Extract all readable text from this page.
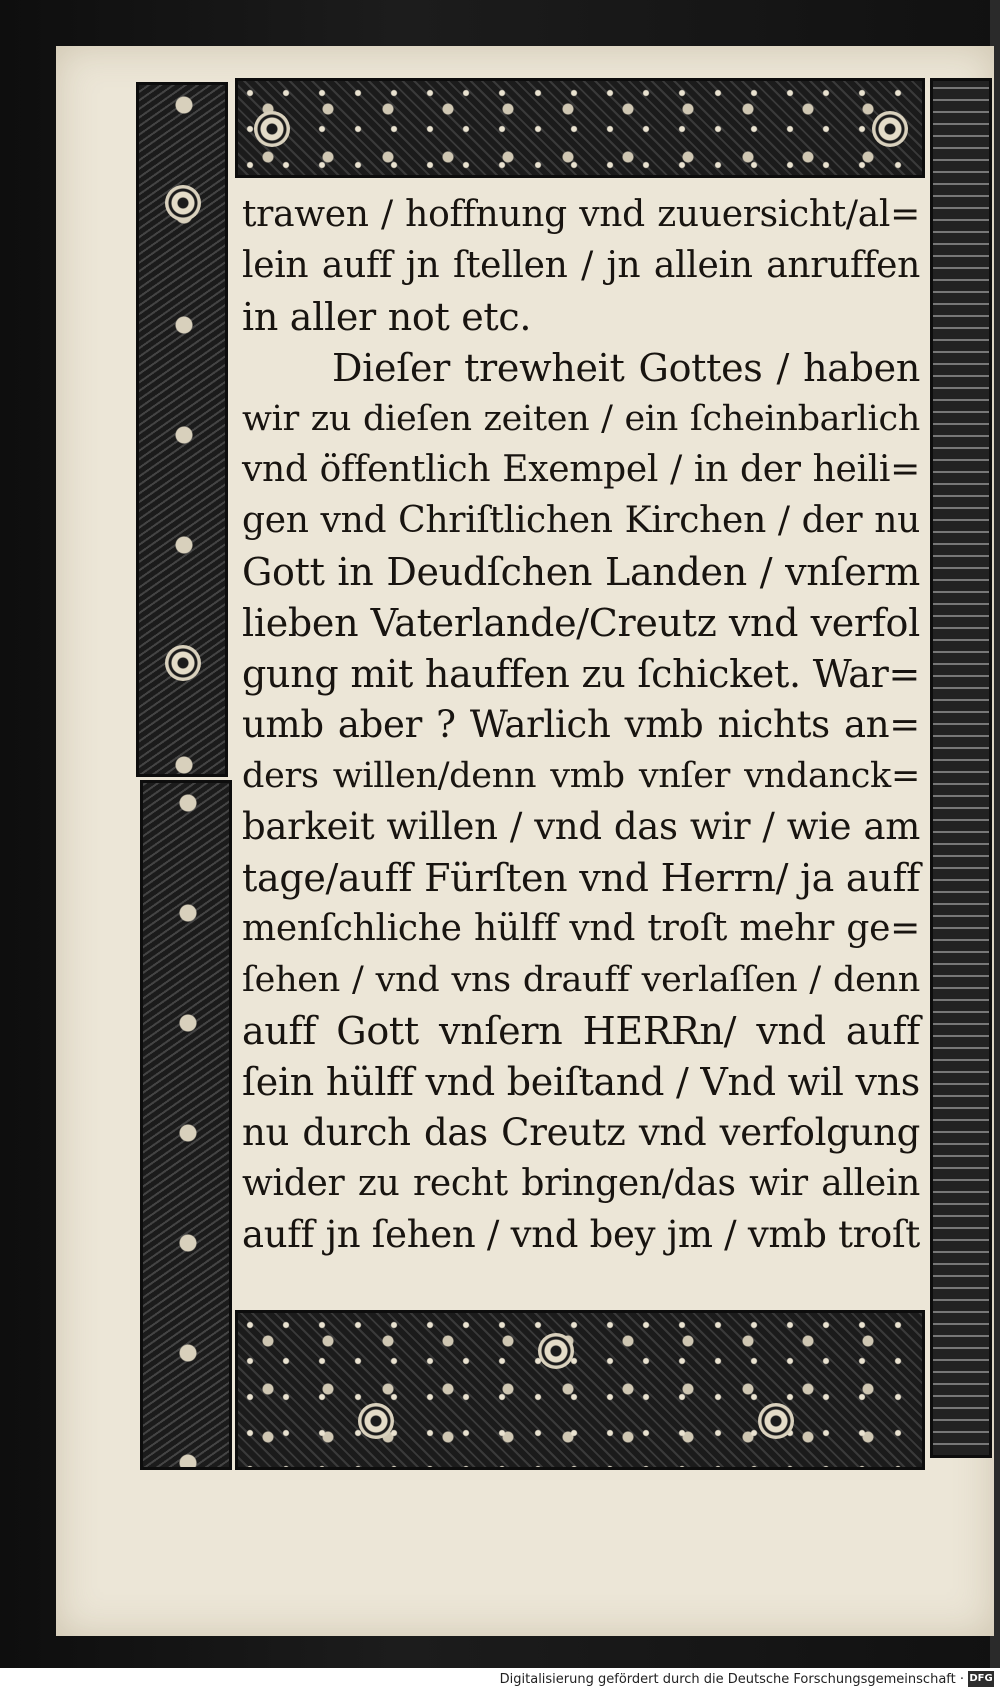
trawen / hoffnung vnd zuuersicht/al=
lein auff jn ſtellen / jn allein anruffen
in aller not etc.
Dieſer trewheit Gottes / haben
wir zu dieſen zeiten / ein ſcheinbarlich
vnd öffentlich Exempel / in der heili=
gen vnd Chriſtlichen Kirchen / der nu
Gott in Deudſchen Landen / vnſerm
lieben Vaterlande/Creutz vnd verfol
gung mit hauffen zu ſchicket. War=
umb aber ? Warlich vmb nichts an=
ders willen/denn vmb vnſer vndanck=
barkeit willen / vnd das wir / wie am
tage/auff Fürſten vnd Herrn/ ja auff
menſchliche hülff vnd troſt mehr ge=
ſehen / vnd vns drauff verlaſſen / denn
auff Gott vnſern HERRn/ vnd auff
ſein hülff vnd beiſtand / Vnd wil vns
nu durch das Creutz vnd verfolgung
wider zu recht bringen/das wir allein
auff jn ſehen / vnd bey jm / vmb troſt
Digitalisierung gefördert durch die Deutsche Forschungsgemeinschaft · DFG
